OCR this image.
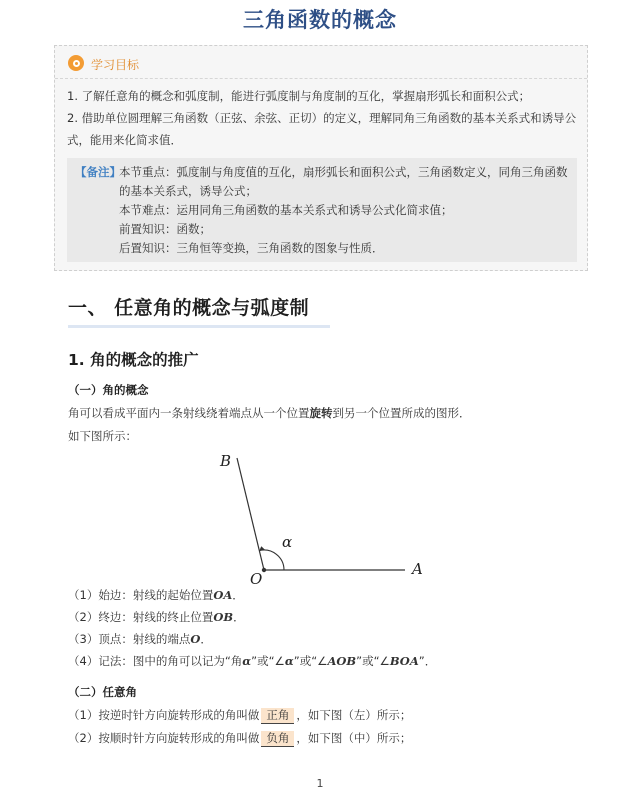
三角函数的概念
学习目标

1. 了解任意角的概念和弧度制，能进行弧度制与角度制的互化，掌握扇形弧长和面积公式；

2. 借助单位圆理解三角函数（正弦、余弦、正切）的定义，理解同角三角函数的基本关系式和诱导公

式，能用来化简求值．

【备注】
本节重点：弧度制与角度值的互化，扇形弧长和面积公式，三角函数定义，同角三角函数
的基本关系式，诱导公式；
本节难点：运用同角三角函数的基本关系式和诱导公式化简求值；
前置知识：函数；
后置知识：三角恒等变换，三角函数的图象与性质．
一、 任意角的概念与弧度制
1. 角的概念的推广
（一）角的概念
角可以看成平面内一条射线绕着端点从一个位置旋转到另一个位置所成的图形．
如下图所示：
B
O
A
α
（1）始边：射线的起始位置OA．
（2）终边：射线的终止位置OB．
（3）顶点：射线的端点O．
（4）记法：图中的角可以记为“角α”或“∠α”或“∠AOB”或“∠BOA”．
（二）任意角
（1）按逆时针方向旋转形成的角叫做 正角 ，如下图（左）所示；
（2）按顺时针方向旋转形成的角叫做 负角 ，如下图（中）所示；
1
